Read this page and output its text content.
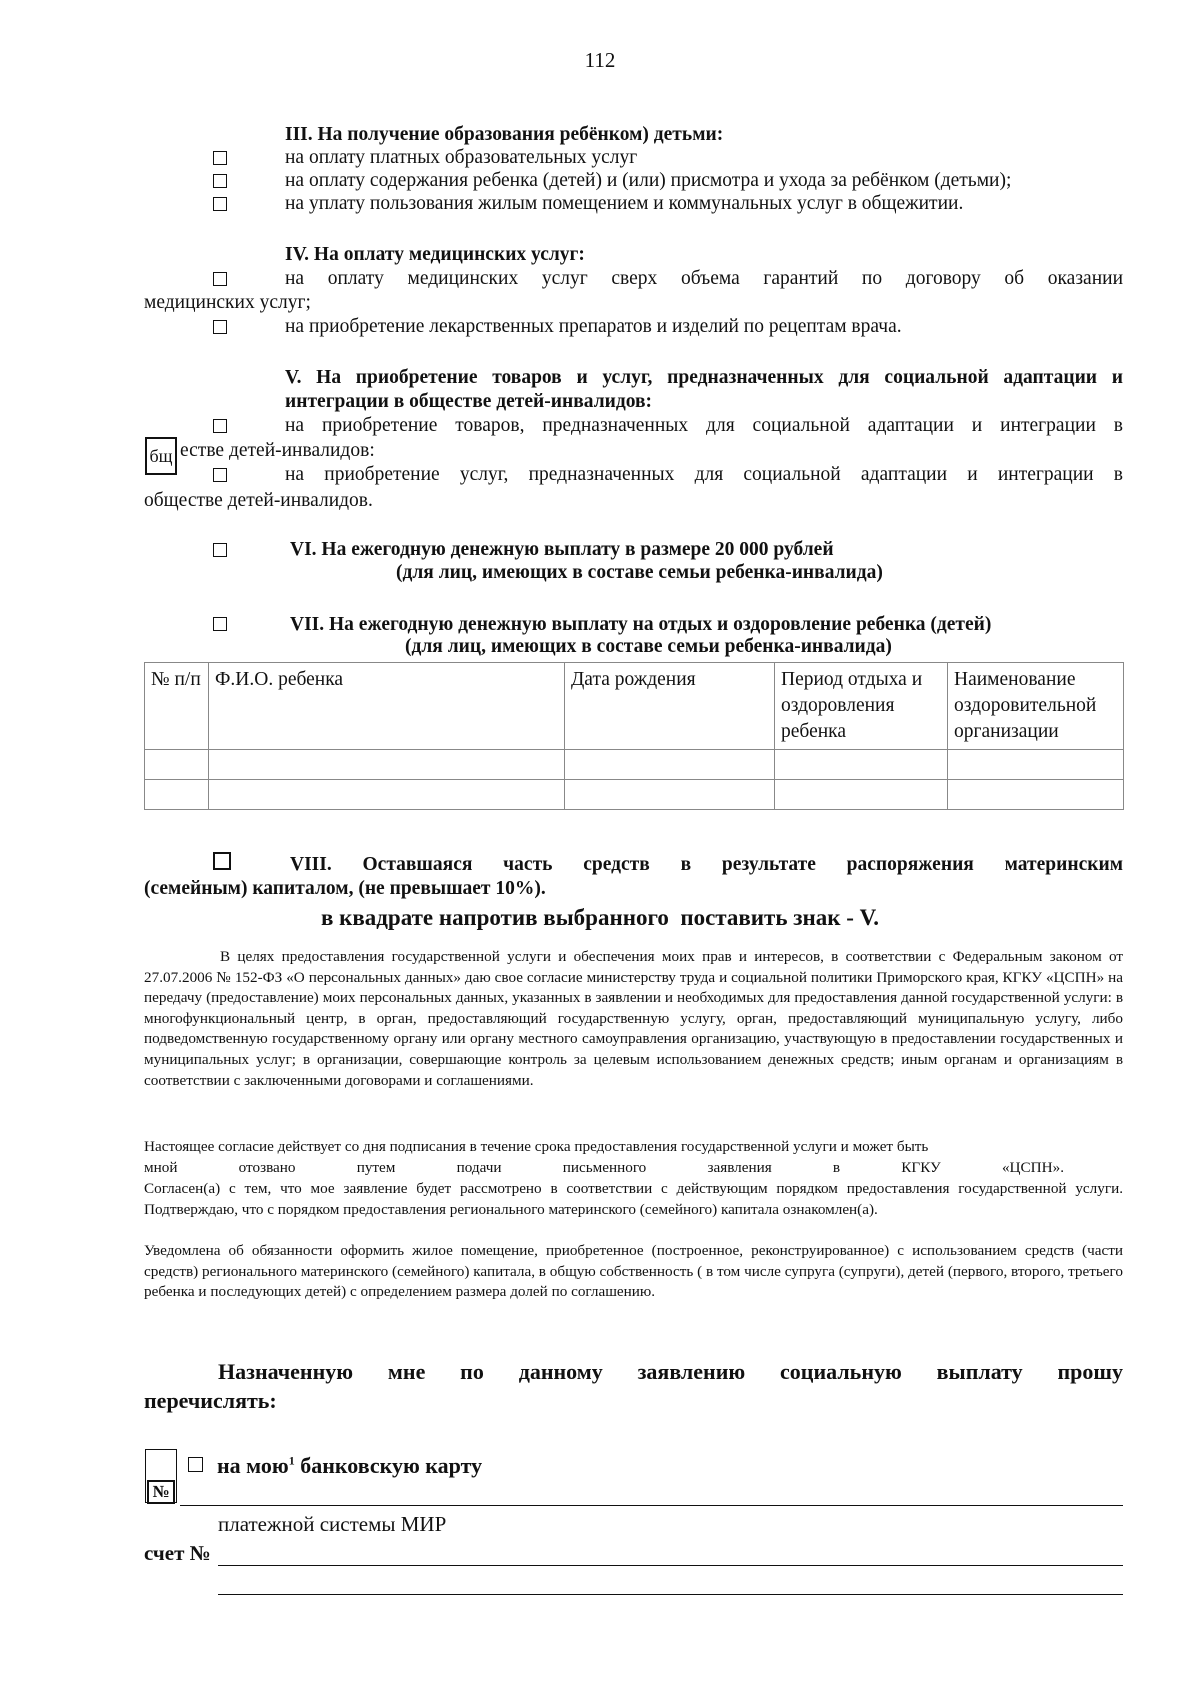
112
III. На получение образования ребёнком) детьми:
на оплату платных образовательных услуг
на оплату содержания ребенка (детей) и (или) присмотра и ухода за ребёнком (детьми);
на уплату пользования жилым помещением и коммунальных услуг в общежитии.
IV. На оплату медицинских услуг:
на оплату медицинских услуг сверх объема гарантий по договору об оказании
медицинских услуг;
на приобретение лекарственных препаратов и изделий по рецептам врача.
V. На приобретение товаров и услуг, предназначенных для социальной адаптации и
интеграции в обществе детей-инвалидов:
на приобретение товаров, предназначенных для социальной адаптации и интеграции в
бщ естве детей-инвалидов:
на приобретение услуг, предназначенных для социальной адаптации и интеграции в
обществе детей-инвалидов.
VI. На ежегодную денежную выплату в размере 20 000 рублей
(для лиц, имеющих в составе семьи ребенка-инвалида)
VII. На ежегодную денежную выплату на отдых и оздоровление ребенка (детей)
(для лиц, имеющих в составе семьи ребенка-инвалида)
№ п/п	Ф.И.О. ребенка	Дата рождения	Период отдыха и оздоровления ребенка	Наименование оздоровительной организации

VIII. Оставшаяся часть средств в результате распоряжения материнским
(семейным) капиталом, (не превышает 10%).
в квадрате напротив выбранного  поставить знак - V.
В целях предоставления государственной услуги и обеспечения моих прав и интересов, в соответствии с Федеральным законом от 27.07.2006 № 152-ФЗ «О персональных данных» даю свое согласие министерству труда и социальной политики Приморского края, КГКУ «ЦСПН» на передачу (предоставление) моих персональных данных, указанных в заявлении и необходимых для предоставления данной государственной услуги: в многофункциональный центр, в орган, предоставляющий государственную услугу, орган, предоставляющий муниципальную услугу, либо подведомственную государственному органу или органу местного самоуправления организацию, участвующую в предоставлении государственных и муниципальных услуг; в организации, совершающие контроль за целевым использованием денежных средств; иным органам и организациям в соответствии с заключенными договорами и соглашениями.
Настоящее согласие действует со дня подписания в течение срока предоставления государственной услуги и может быть
мной отозвано путем подачи письменного заявления в КГКУ «ЦСПН».
Согласен(а) с тем, что мое заявление будет рассмотрено в соответствии с действующим порядком предоставления государственной услуги. Подтверждаю, что с порядком предоставления регионального материнского (семейного) капитала ознакомлен(а).
Уведомлена об обязанности оформить жилое помещение, приобретенное (построенное, реконструированное) с использованием средств (части средств) регионального материнского (семейного) капитала, в общую собственность ( в том числе супруга (супруги), детей (первого, второго, третьего ребенка и последующих детей) с определением размера долей по соглашению.
Назначенную мне по данному заявлению социальную выплату прошу
перечислять:
на мою$^1$ банковскую карту
№
платежной системы МИР
счет №
